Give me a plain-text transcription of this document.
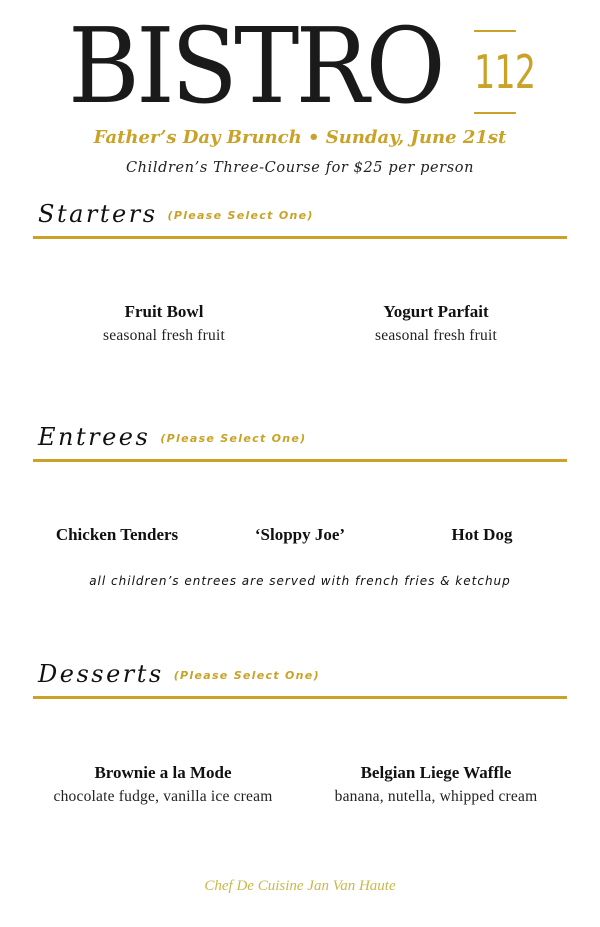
BISTRO 112
Father’s Day Brunch • Sunday, June 21st
Children’s Three-Course for $25 per person
Starters (Please Select One)
Fruit Bowl
seasonal fresh fruit
Yogurt Parfait
seasonal fresh fruit
Entrees (Please Select One)
Chicken Tenders	‘Sloppy Joe’	Hot Dog
all children’s entrees are served with french fries & ketchup
Desserts (Please Select One)
Brownie a la Mode
chocolate fudge, vanilla ice cream
Belgian Liege Waffle
banana, nutella, whipped cream
Chef De Cuisine Jan Van Haute
